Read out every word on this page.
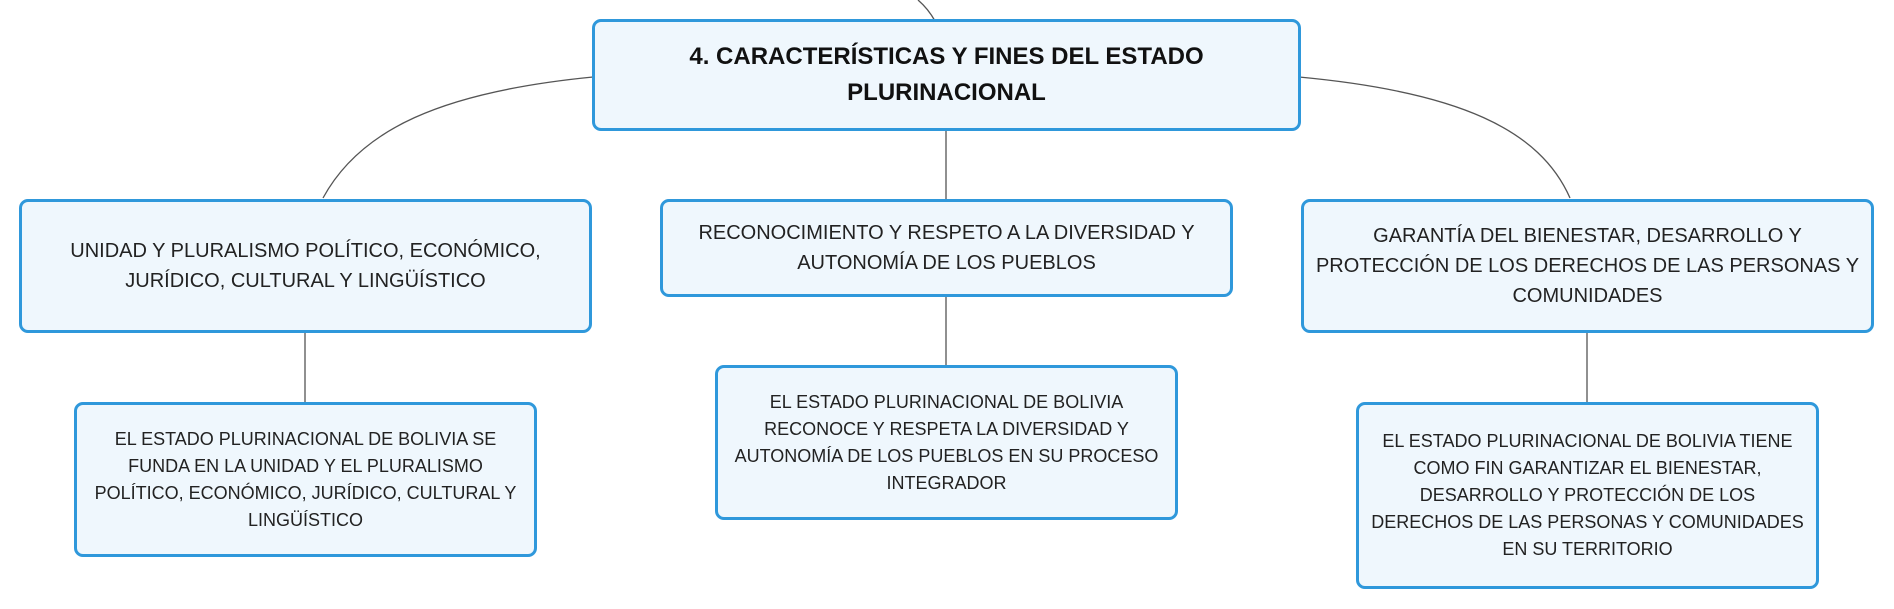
4. CARACTERÍSTICAS Y FINES DEL ESTADO
PLURINACIONAL
UNIDAD Y PLURALISMO POLÍTICO, ECONÓMICO,
JURÍDICO, CULTURAL Y LINGÜÍSTICO
RECONOCIMIENTO Y RESPETO A LA DIVERSIDAD Y
AUTONOMÍA DE LOS PUEBLOS
GARANTÍA DEL BIENESTAR, DESARROLLO Y
PROTECCIÓN DE LOS DERECHOS DE LAS PERSONAS Y
COMUNIDADES
EL ESTADO PLURINACIONAL DE BOLIVIA SE
FUNDA EN LA UNIDAD Y EL PLURALISMO
POLÍTICO, ECONÓMICO, JURÍDICO, CULTURAL Y
LINGÜÍSTICO
EL ESTADO PLURINACIONAL DE BOLIVIA
RECONOCE Y RESPETA LA DIVERSIDAD Y
AUTONOMÍA DE LOS PUEBLOS EN SU PROCESO
INTEGRADOR
EL ESTADO PLURINACIONAL DE BOLIVIA TIENE
COMO FIN GARANTIZAR EL BIENESTAR,
DESARROLLO Y PROTECCIÓN DE LOS
DERECHOS DE LAS PERSONAS Y COMUNIDADES
EN SU TERRITORIO
